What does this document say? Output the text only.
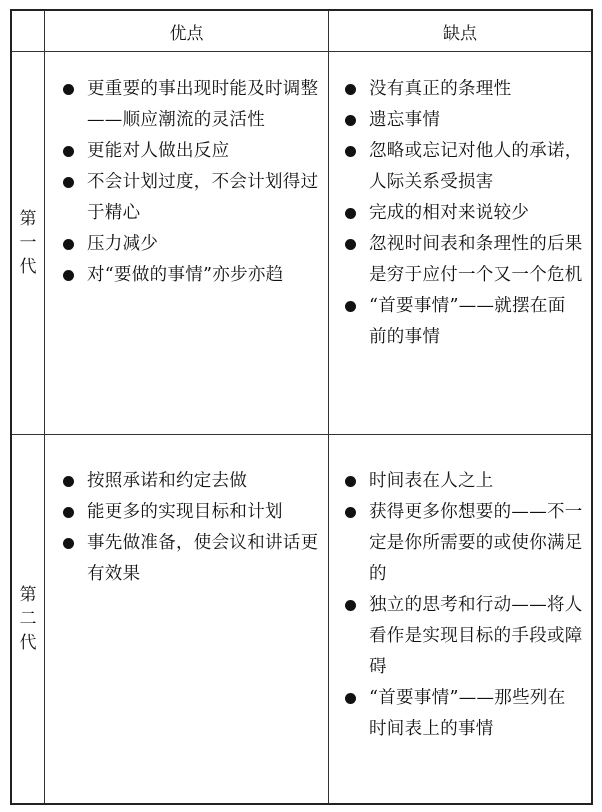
优点	缺点
第
一
代
第
二
代
更重要的事出现时能及时调整——顺应潮流的灵活性
更能对人做出反应
不会计划过度，不会计划得过于精心
压力减少
对“要做的事情”亦步亦趋
没有真正的条理性
遗忘事情
忽略或忘记对他人的承诺，人际关系受损害
完成的相对来说较少
忽视时间表和条理性的后果是穷于应付一个又一个危机
“首要事情”——就摆在面前的事情
按照承诺和约定去做
能更多的实现目标和计划
事先做准备，使会议和讲话更有效果
时间表在人之上
获得更多你想要的——不一定是你所需要的或使你满足的
独立的思考和行动——将人看作是实现目标的手段或障碍
“首要事情”——那些列在时间表上的事情
